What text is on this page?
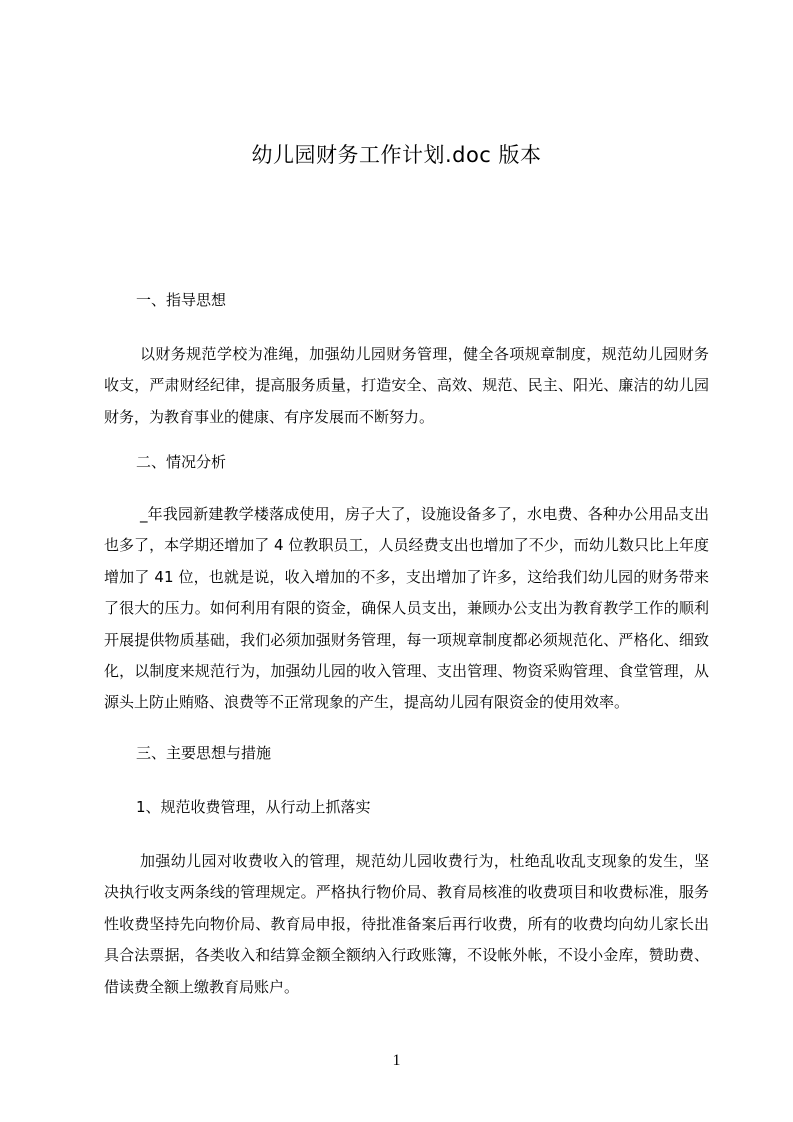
幼儿园财务工作计划.doc 版本
一、指导思想
以财务规范学校为准绳，加强幼儿园财务管理，健全各项规章制度，规范幼儿园财务收支，严肃财经纪律，提高服务质量，打造安全、高效、规范、民主、阳光、廉洁的幼儿园财务，为教育事业的健康、有序发展而不断努力。
二、情况分析
_年我园新建教学楼落成使用，房子大了，设施设备多了，水电费、各种办公用品支出也多了，本学期还增加了 4 位教职员工，人员经费支出也增加了不少，而幼儿数只比上年度增加了 41 位，也就是说，收入增加的不多，支出增加了许多，这给我们幼儿园的财务带来了很大的压力。如何利用有限的资金，确保人员支出，兼顾办公支出为教育教学工作的顺利开展提供物质基础，我们必须加强财务管理，每一项规章制度都必须规范化、严格化、细致化，以制度来规范行为，加强幼儿园的收入管理、支出管理、物资采购管理、食堂管理，从源头上防止贿赂、浪费等不正常现象的产生，提高幼儿园有限资金的使用效率。
三、主要思想与措施
1、规范收费管理，从行动上抓落实
加强幼儿园对收费收入的管理，规范幼儿园收费行为，杜绝乱收乱支现象的发生，坚决执行收支两条线的管理规定。严格执行物价局、教育局核准的收费项目和收费标准，服务性收费坚持先向物价局、教育局申报，待批准备案后再行收费，所有的收费均向幼儿家长出具合法票据，各类收入和结算金额全额纳入行政账簿，不设帐外帐，不设小金库，赞助费、借读费全额上缴教育局账户。
1
